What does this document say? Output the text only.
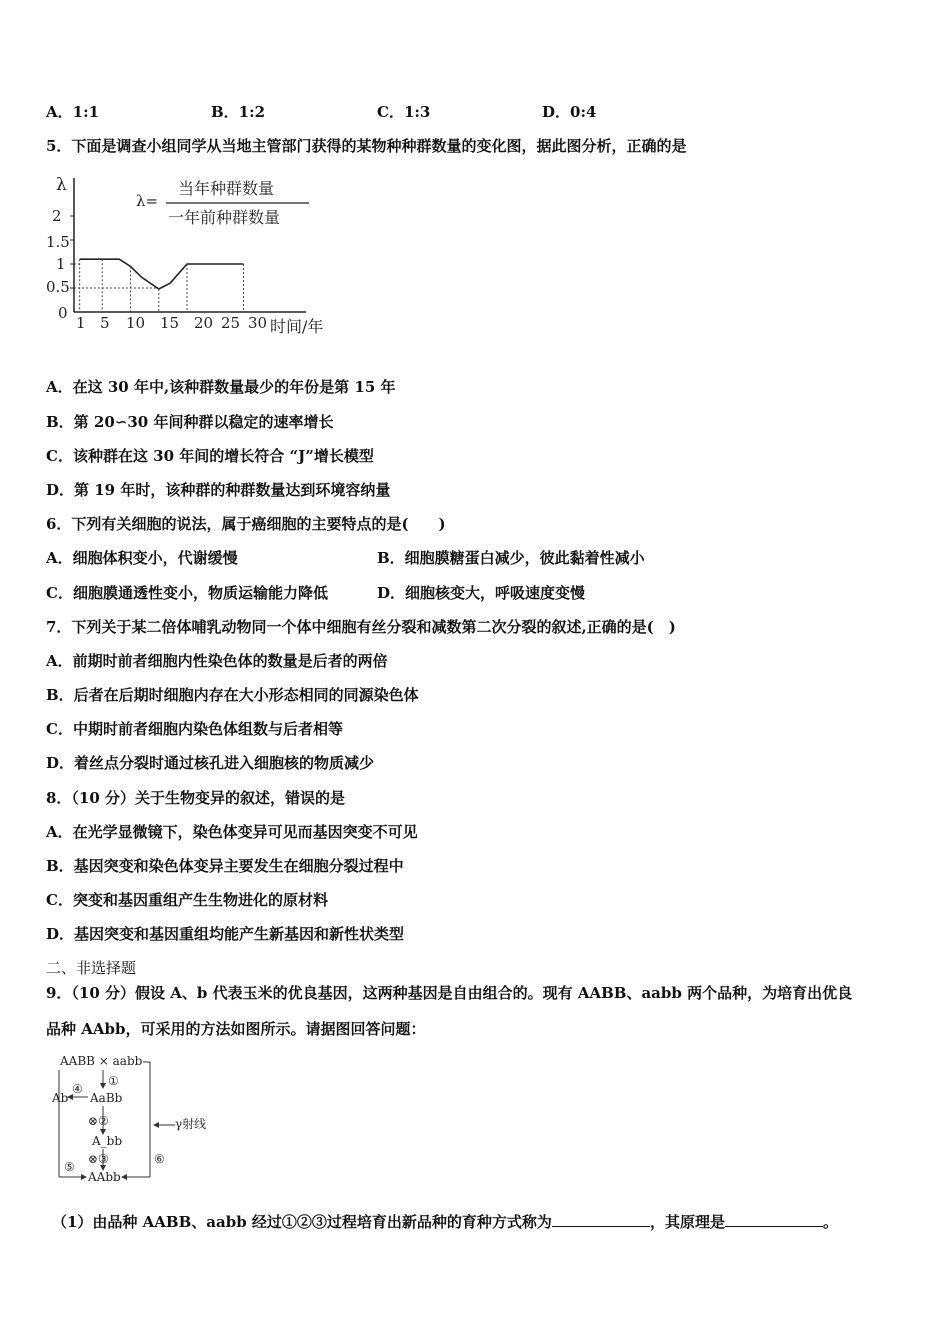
A．1:1	B．1:2	C．1:3	D．0:4
5．下面是调查小组同学从当地主管部门获得的某物种种群数量的变化图，据此图分析，正确的是
λ
2
1.5
1
0.5
0
1 5 10 15 20 25 30 时间/年
λ=
当年种群数量
一年前种群数量
A．在这 30 年中,该种群数量最少的年份是第 15 年
B．第 20∽30 年间种群以稳定的速率增长
C．该种群在这 30 年间的增长符合 “J”增长模型
D．第 19 年时，该种群的种群数量达到环境容纳量
6．下列有关细胞的说法，属于癌细胞的主要特点的是(　　)
A．细胞体积变小，代谢缓慢	B．细胞膜糖蛋白减少，彼此黏着性减小
C．细胞膜通透性变小，物质运输能力降低	D．细胞核变大，呼吸速度变慢
7．下列关于某二倍体哺乳动物同一个体中细胞有丝分裂和减数第二次分裂的叙述,正确的是(　)
A．前期时前者细胞内性染色体的数量是后者的两倍
B．后者在后期时细胞内存在大小形态相同的同源染色体
C．中期时前者细胞内染色体组数与后者相等
D．着丝点分裂时通过核孔进入细胞核的物质减少
8．（10 分）关于生物变异的叙述，错误的是
A．在光学显微镜下，染色体变异可见而基因突变不可见
B．基因突变和染色体变异主要发生在细胞分裂过程中
C．突变和基因重组产生生物进化的原材料
D．基因突变和基因重组均能产生新基因和新性状类型
二、非选择题
9．（10 分）假设 A、b 代表玉米的优良基因，这两种基因是自由组合的。现有 AABB、aabb 两个品种，为培育出优良
品种 AAbb，可采用的方法如图所示。请据图回答问题：
AABB × aabb
①
AaBb
④
Ab
⊗②
A_bb
⊗③
AAbb
⑤
⑥
γ射线
（1）由品种 AABB、aabb 经过①②③过程培育出新品种的育种方式称为	，其原理是	。
